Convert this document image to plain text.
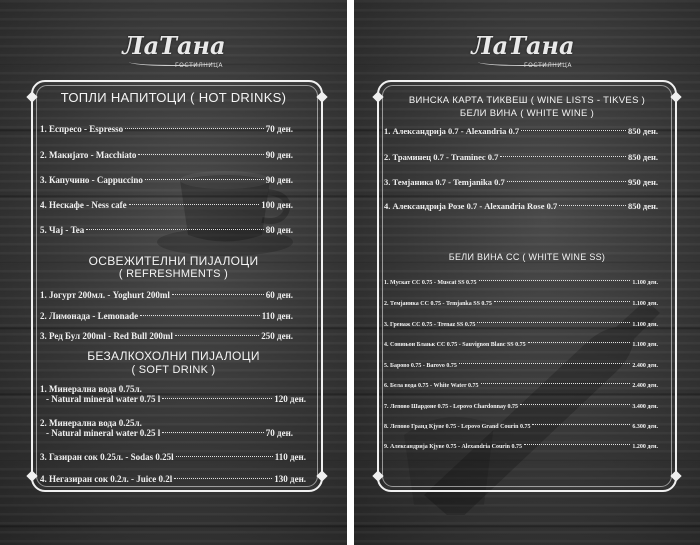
ЛаТана
ГОСТИЛНИЦА
ТОПЛИ НАПИТОЦИ ( HOT DRINKS)
1. Еспресо - Espresso	70 ден.
2. Макијато - Macchiato	90 ден.
3. Капучино - Cappuccino	90 ден.
4. Нескафе - Ness cafe	100 ден.
5. Чај - Tea	80 ден.
ОСВЕЖИТЕЛНИ ПИЈАЛОЦИ
( REFRESHMENTS )
1. Јогурт 200мл. - Yoghurt 200ml	60 ден.
2. Лимонада - Lemonade	110 ден.
3. Ред Бул 200ml - Red Bull 200ml	250 ден.
БЕЗАЛКОХОЛНИ ПИЈАЛОЦИ
( SOFT DRINK )
1. Минерална вода 0.75л.
- Natural mineral water 0.75 l	120 ден.
2. Минерална вода 0.25л.
- Natural mineral water 0.25 l	70 ден.
3. Газиран сок 0.25л. - Sodas 0.25l	110 ден.
4. Негазиран сок 0.2л. - Juice 0.2l	130 ден.
ЛаТана
ГОСТИЛНИЦА
ВИНСКА КАРТА ТИКВЕШ ( WINE LISTS - TIKVES )
БЕЛИ ВИНА ( WHITE WINE )
1. Александрија 0.7 - Alexandria 0.7	850 ден.
2. Траминец 0.7 - Traminec 0.7	850 ден.
3. Темјаника 0.7 - Temjanika 0.7	950 ден.
4. Александрија Розе 0.7 - Alexandria Rose 0.7	850 ден.
БЕЛИ ВИНА СС ( WHITE WINE SS)
1. Мускат СС 0.75 - Muscat SS 0.75	1.100 ден.
2. Темјаника СС 0.75 - Temjanka SS 0.75	1.100 ден.
3. Гренаж СС 0.75 - Trenaz SS 0.75	1.100 ден.
4. Совињон Блањк СС 0.75 - Sauvignon Blanc SS 0.75	1.100 ден.
5. Барово 0.75 - Barovo 0.75	2.400 ден.
6. Бела вода 0.75 - White Water 0.75	2.400 ден.
7. Лепово Шардоне 0.75 - Lepovo Chardonnay 0.75	3.400 ден.
8. Лепово Гранд Кјуве 0.75 - Lepovo Grand Courin 0.75	6.300 ден.
9. Александрија Кјуве 0.75 - Alexandria Courin 0.75	1.200 ден.
